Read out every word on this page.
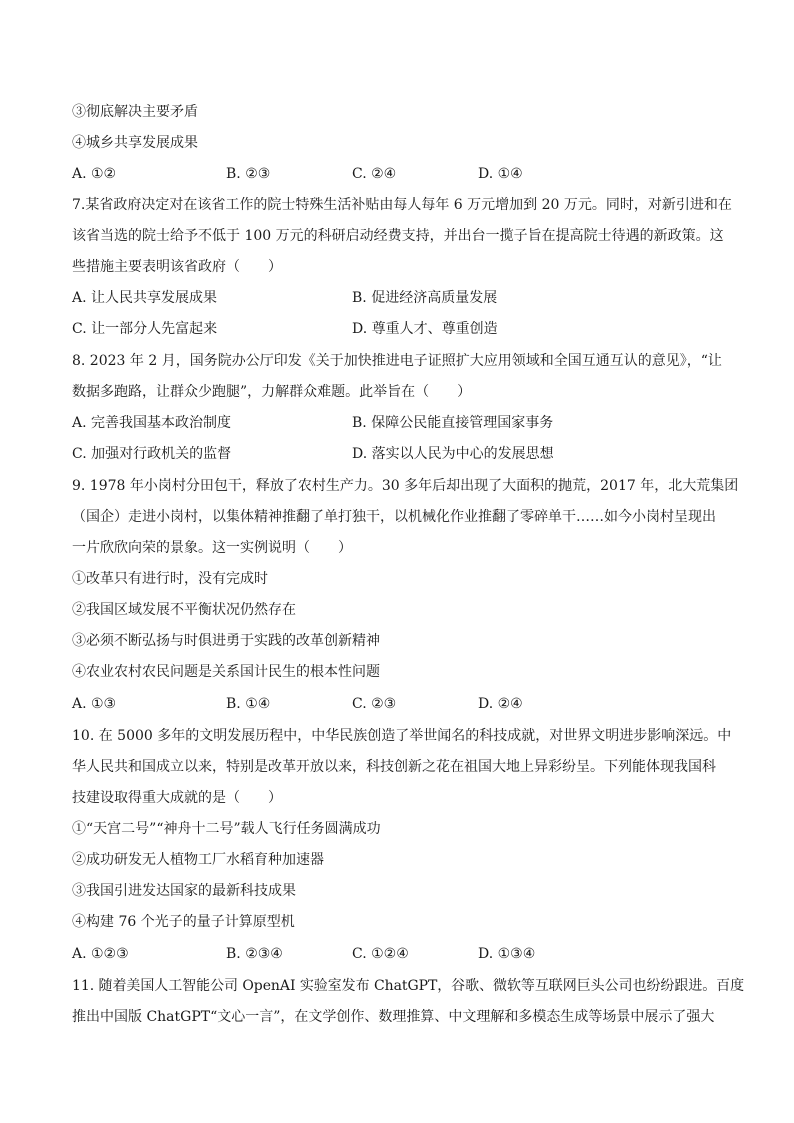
③彻底解决主要矛盾
④城乡共享发展成果
A. ①②	B. ②③	C. ②④	D. ①④
7.某省政府决定对在该省工作的院士特殊生活补贴由每人每年 6 万元增加到 20 万元。同时，对新引进和在
该省当选的院士给予不低于 100 万元的科研启动经费支持，并出台一揽子旨在提高院士待遇的新政策。这
些措施主要表明该省政府（　　）
A. 让人民共享发展成果	B. 促进经济高质量发展
C. 让一部分人先富起来	D. 尊重人才、尊重创造
8. 2023 年 2 月，国务院办公厅印发《关于加快推进电子证照扩大应用领域和全国互通互认的意见》，“让
数据多跑路，让群众少跑腿”，力解群众难题。此举旨在（　　）
A. 完善我国基本政治制度	B. 保障公民能直接管理国家事务
C. 加强对行政机关的监督	D. 落实以人民为中心的发展思想
9. 1978 年小岗村分田包干，释放了农村生产力。30 多年后却出现了大面积的抛荒，2017 年，北大荒集团
（国企）走进小岗村，以集体精神推翻了单打独干，以机械化作业推翻了零碎单干……如今小岗村呈现出
一片欣欣向荣的景象。这一实例说明（　　）
①改革只有进行时，没有完成时
②我国区域发展不平衡状况仍然存在
③必须不断弘扬与时俱进勇于实践的改革创新精神
④农业农村农民问题是关系国计民生的根本性问题
A. ①③	B. ①④	C. ②③	D. ②④
10. 在 5000 多年的文明发展历程中，中华民族创造了举世闻名的科技成就，对世界文明进步影响深远。中
华人民共和国成立以来，特别是改革开放以来，科技创新之花在祖国大地上异彩纷呈。下列能体现我国科
技建设取得重大成就的是（　　）
①“天宫二号”“神舟十二号”载人飞行任务圆满成功
②成功研发无人植物工厂水稻育种加速器
③我国引进发达国家的最新科技成果
④构建 76 个光子的量子计算原型机
A. ①②③	B. ②③④	C. ①②④	D. ①③④
11. 随着美国人工智能公司 OpenAI 实验室发布 ChatGPT，谷歌、微软等互联网巨头公司也纷纷跟进。百度
推出中国版 ChatGPT“文心一言”，在文学创作、数理推算、中文理解和多模态生成等场景中展示了强大
